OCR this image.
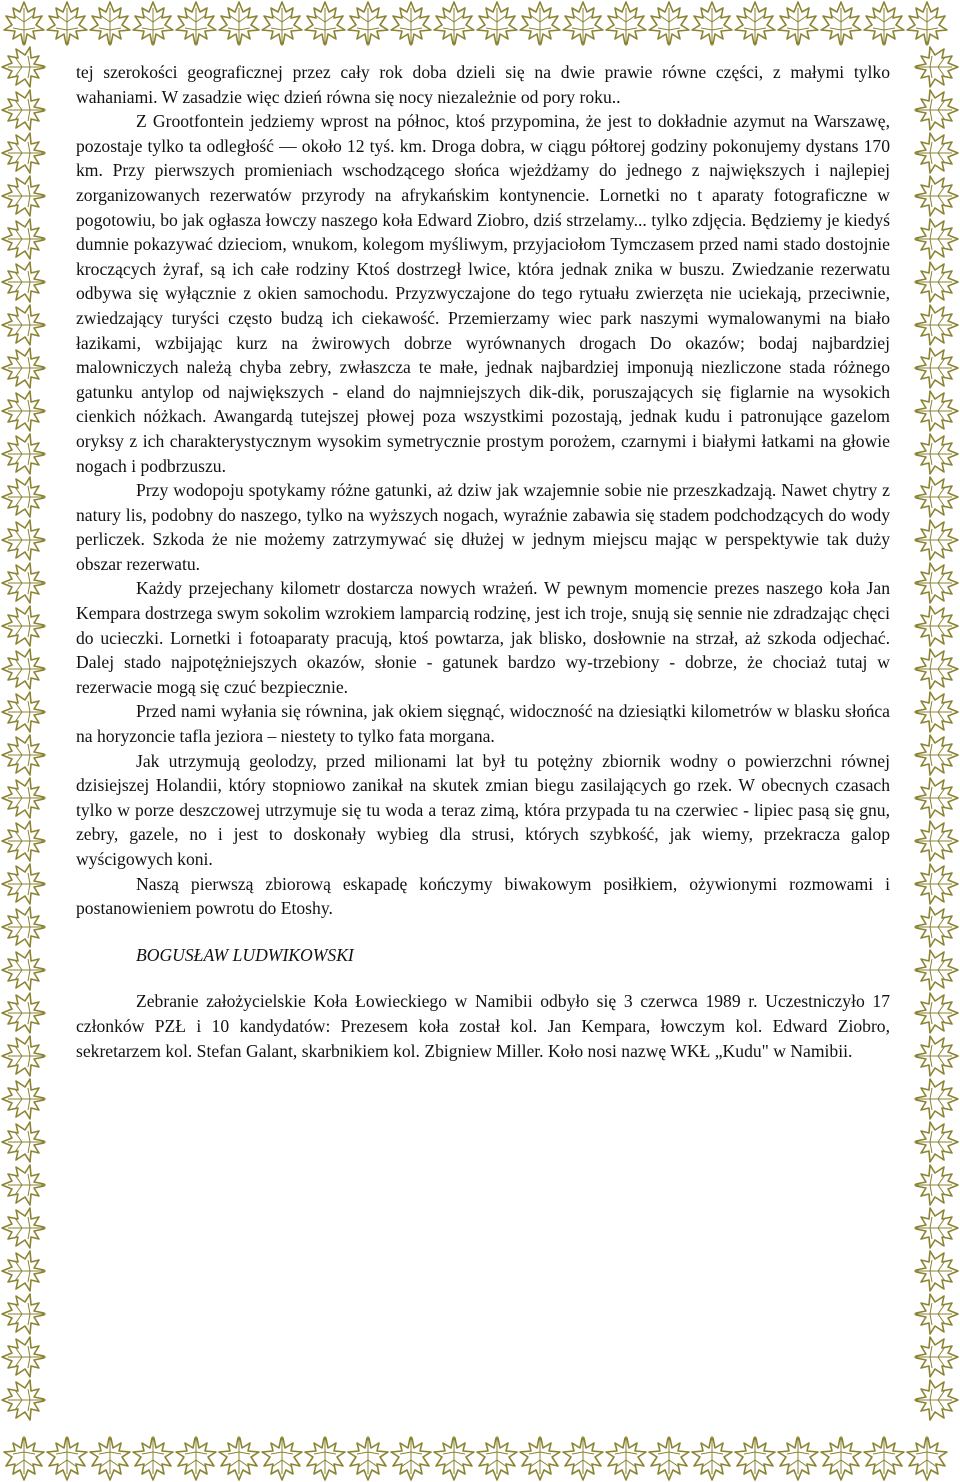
tej szerokości geograficznej przez cały rok doba dzieli się na dwie prawie równe części, z małymi tylko wahaniami. W zasadzie więc dzień równa się nocy niezależnie od pory roku..

Z Grootfontein jedziemy wprost na północ, ktoś przypomina, że jest to dokładnie azymut na Warszawę, pozostaje tylko ta odległość — około 12 tyś. km. Droga dobra, w ciągu półtorej godziny pokonujemy dystans 170 km. Przy pierwszych promieniach wschodzącego słońca wjeżdżamy do jednego z największych i najlepiej zorganizowanych rezerwatów przyrody na afrykańskim kontynencie. Lornetki no t aparaty fotograficzne w pogotowiu, bo jak ogłasza łowczy naszego koła Edward Ziobro, dziś strzelamy... tylko zdjęcia. Będziemy je kiedyś dumnie pokazywać dzieciom, wnukom, kolegom myśliwym, przyjaciołom Tymczasem przed nami stado dostojnie kroczących żyraf, są ich całe rodziny Ktoś dostrzegł lwice, która jednak znika w buszu. Zwiedzanie rezerwatu odbywa się wyłącznie z okien samochodu. Przyzwyczajone do tego rytuału zwierzęta nie uciekają, przeciwnie, zwiedzający turyści często budzą ich ciekawość. Przemierzamy wiec park naszymi wymalowanymi na biało łazikami, wzbijając kurz na żwirowych dobrze wyrównanych drogach Do okazów; bodaj najbardziej malowniczych należą chyba zebry, zwłaszcza te małe, jednak najbardziej imponują niezliczone stada różnego gatunku antylop od największych - eland do najmniejszych dik-dik, poruszających się figlarnie na wysokich cienkich nóżkach. Awangardą tutejszej płowej poza wszystkimi pozostają, jednak kudu i patronujące gazelom oryksy z ich charakterystycznym wysokim symetrycznie prostym porożem, czarnymi i białymi łatkami na głowie nogach i podbrzuszu.

Przy wodopoju spotykamy różne gatunki, aż dziw jak wzajemnie sobie nie przeszkadzają. Nawet chytry z natury lis, podobny do naszego, tylko na wyższych nogach, wyraźnie zabawia się stadem podchodzących do wody perliczek. Szkoda że nie możemy zatrzymywać się dłużej w jednym miejscu mając w perspektywie tak duży obszar rezerwatu.

Każdy przejechany kilometr dostarcza nowych wrażeń. W pewnym momencie prezes naszego koła Jan Kempara dostrzega swym sokolim wzrokiem lamparcią rodzinę, jest ich troje, snują się sennie nie zdradzając chęci do ucieczki. Lornetki i fotoaparaty pracują, ktoś powtarza, jak blisko, dosłownie na strzał, aż szkoda odjechać. Dalej stado najpotężniejszych okazów, słonie - gatunek bardzo wy-trzebiony - dobrze, że chociaż tutaj w rezerwacie mogą się czuć bezpiecznie.

Przed nami wyłania się równina, jak okiem sięgnąć, widoczność na dziesiątki kilometrów w blasku słońca na horyzoncie tafla jeziora – niestety to tylko fata morgana.

Jak utrzymują geolodzy, przed milionami lat był tu potężny zbiornik wodny o powierzchni równej dzisiejszej Holandii, który stopniowo zanikał na skutek zmian biegu zasilających go rzek. W obecnych czasach tylko w porze deszczowej utrzymuje się tu woda a teraz zimą, która przypada tu na czerwiec - lipiec pasą się gnu, zebry, gazele, no i jest to doskonały wybieg dla strusi, których szybkość, jak wiemy, przekracza galop wyścigowych koni.

Naszą pierwszą zbiorową eskapadę kończymy biwakowym posiłkiem, ożywionymi rozmowami i postanowieniem powrotu do Etoshy.

BOGUSŁAW LUDWIKOWSKI

Zebranie założycielskie Koła Łowieckiego w Namibii odbyło się 3 czerwca 1989 r. Uczestniczyło 17 członków PZŁ i 10 kandydatów: Prezesem koła został kol. Jan Kempara, łowczym kol. Edward Ziobro, sekretarzem kol. Stefan Galant, skarbnikiem kol. Zbigniew Miller. Koło nosi nazwę WKŁ „Kudu" w Namibii.
